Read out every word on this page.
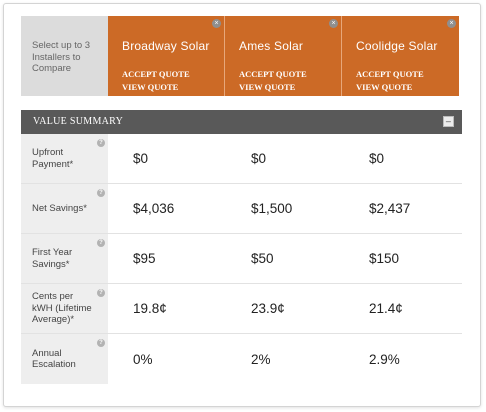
Select up to 3 Installers to Compare
×
Broadway Solar
ACCEPT QUOTE
VIEW QUOTE
×
Ames Solar
ACCEPT QUOTE
VIEW QUOTE
×
Coolidge Solar
ACCEPT QUOTE
VIEW QUOTE
VALUE SUMMARY	–
Upfront Payment*
?
$0	$0	$0
Net Savings*
?
$4,036	$1,500	$2,437
First Year Savings*
?
$95	$50	$150
Cents per kWH (Lifetime Average)*
?
19.8¢	23.9¢	21.4¢
Annual Escalation
?
0%	2%	2.9%
